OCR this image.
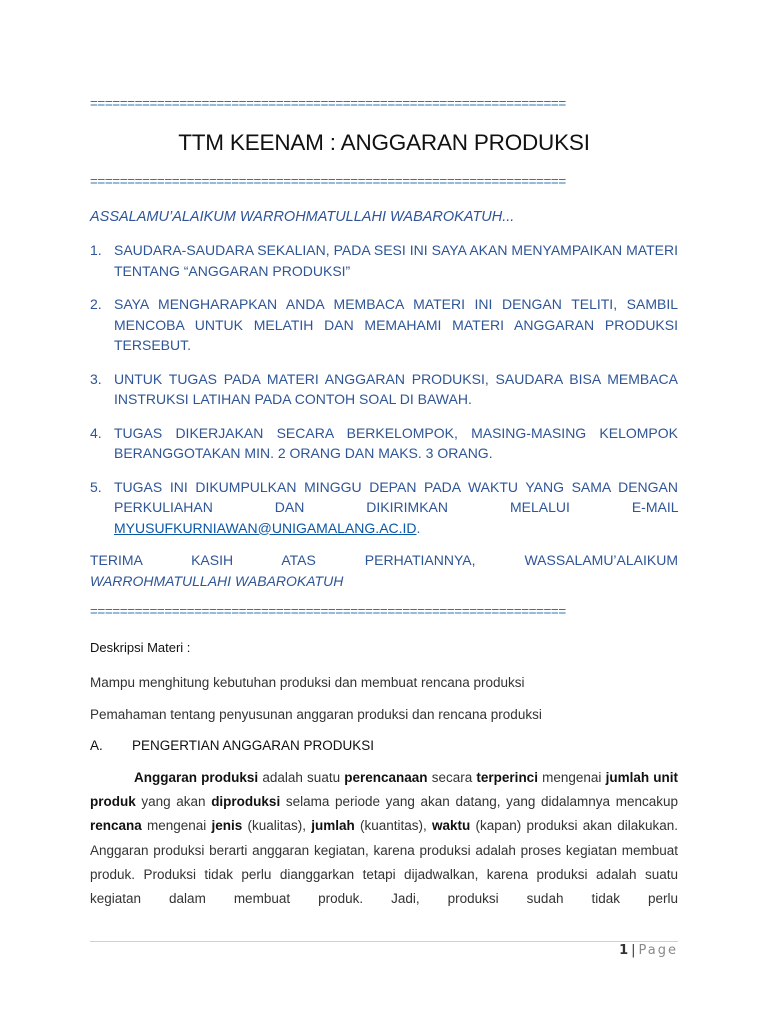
================================================================
TTM KEENAM : ANGGARAN PRODUKSI
================================================================
ASSALAMU’ALAIKUM WARROHMATULLAHI WABAROKATUH...
1. SAUDARA-SAUDARA SEKALIAN, PADA SESI INI SAYA AKAN MENYAMPAIKAN MATERI TENTANG “ANGGARAN PRODUKSI”
2. SAYA MENGHARAPKAN ANDA MEMBACA MATERI INI DENGAN TELITI, SAMBIL MENCOBA UNTUK MELATIH DAN MEMAHAMI MATERI ANGGARAN PRODUKSI TERSEBUT.
3. UNTUK TUGAS PADA MATERI ANGGARAN PRODUKSI, SAUDARA BISA MEMBACA INSTRUKSI LATIHAN PADA CONTOH SOAL DI BAWAH.
4. TUGAS DIKERJAKAN SECARA BERKELOMPOK, MASING-MASING KELOMPOK BERANGGOTAKAN MIN. 2 ORANG DAN MAKS. 3 ORANG.
5. TUGAS INI DIKUMPULKAN MINGGU DEPAN PADA WAKTU YANG SAMA DENGAN PERKULIAHAN DAN DIKIRIMKAN MELALUI E-MAIL MYUSUFKURNIAWAN@UNIGAMALANG.AC.ID.
TERIMA KASIH ATAS PERHATIANNYA, WASSALAMU’ALAIKUM
WARROHMATULLAHI WABAROKATUH
================================================================
Deskripsi Materi :
Mampu menghitung kebutuhan produksi dan membuat rencana produksi
Pemahaman tentang penyusunan anggaran produksi dan rencana produksi
A. PENGERTIAN ANGGARAN PRODUKSI

Anggaran produksi adalah suatu perencanaan secara terperinci mengenai jumlah unit produk yang akan diproduksi selama periode yang akan datang, yang didalamnya mencakup rencana mengenai jenis (kualitas), jumlah (kuantitas), waktu (kapan) produksi akan dilakukan. Anggaran produksi berarti anggaran kegiatan, karena produksi adalah proses kegiatan membuat produk. Produksi tidak perlu dianggarkan tetapi dijadwalkan, karena produksi adalah suatu kegiatan dalam membuat produk. Jadi, produksi sudah tidak perlu

1 | Page
